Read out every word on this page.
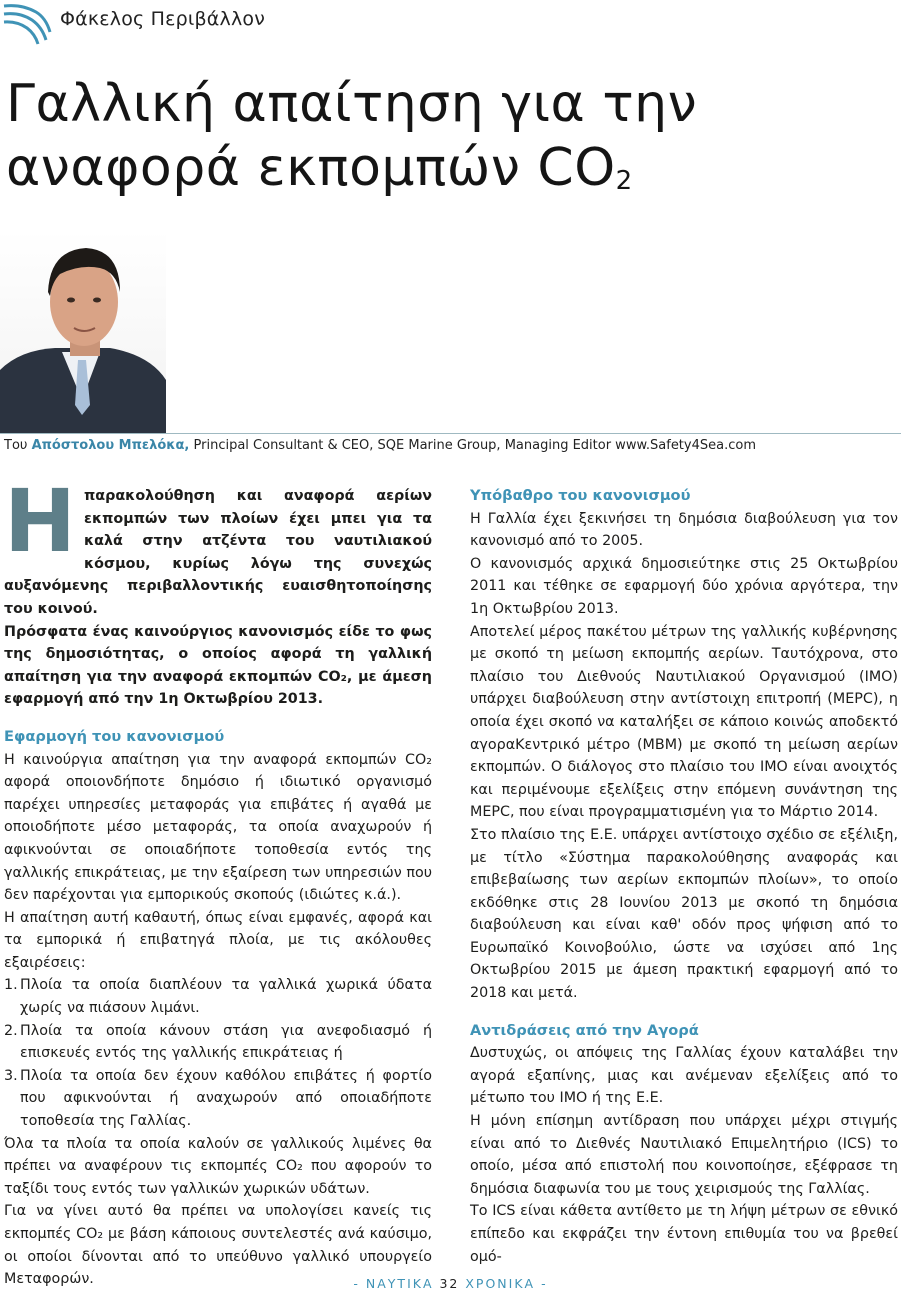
Φάκελος Περιβάλλον
Γαλλική απαίτηση για την αναφορά εκπομπών $CO_2$
Του Απόστολου Μπελόκα, Principal Consultant & CEO, SQE Marine Group, Managing Editor www.Safety4Sea.com

Η παρακολούθηση και αναφορά αερίων εκπομπών των πλοίων έχει μπει για τα καλά στην ατζέντα του ναυτιλιακού κόσμου, κυρίως λόγω της συνεχώς αυξανόμενης περιβαλλοντικής ευαισθητοποίησης του κοινού.

Πρόσφατα ένας καινούργιος κανονισμός είδε το φως της δημοσιότητας, ο οποίος αφορά τη γαλλική απαίτηση για την αναφορά εκπομπών CO₂, με άμεση εφαρμογή από την 1η Οκτωβρίου 2013.

Εφαρμογή του κανονισμού

Η καινούργια απαίτηση για την αναφορά εκπομπών CO₂ αφορά οποιονδήποτε δημόσιο ή ιδιωτικό οργανισμό παρέχει υπηρεσίες μεταφοράς για επιβάτες ή αγαθά με οποιοδήποτε μέσο μεταφοράς, τα οποία αναχωρούν ή αφικνούνται σε οποιαδήποτε τοποθεσία εντός της γαλλικής επικράτειας, με την εξαίρεση των υπηρεσιών που δεν παρέχονται για εμπορικούς σκοπούς (ιδιώτες κ.ά.).

Η απαίτηση αυτή καθαυτή, όπως είναι εμφανές, αφορά και τα εμπορικά ή επιβατηγά πλοία, με τις ακόλουθες εξαιρέσεις:

1. Πλοία τα οποία διαπλέουν τα γαλλικά χωρικά ύδατα χωρίς να πιάσουν λιμάνι.
2. Πλοία τα οποία κάνουν στάση για ανεφοδιασμό ή επισκευές εντός της γαλλικής επικράτειας ή
3. Πλοία τα οποία δεν έχουν καθόλου επιβάτες ή φορτίο που αφικνούνται ή αναχωρούν από οποιαδήποτε τοποθεσία της Γαλλίας.

Όλα τα πλοία τα οποία καλούν σε γαλλικούς λιμένες θα πρέπει να αναφέρουν τις εκπομπές CO₂ που αφορούν το ταξίδι τους εντός των γαλλικών χωρικών υδάτων.

Για να γίνει αυτό θα πρέπει να υπολογίσει κανείς τις εκπομπές CO₂ με βάση κάποιους συντελεστές ανά καύσιμο, οι οποίοι δίνονται από το υπεύθυνο γαλλικό υπουργείο Μεταφορών.

Υπόβαθρο του κανονισμού

Η Γαλλία έχει ξεκινήσει τη δημόσια διαβούλευση για τον κανονισμό από το 2005.

Ο κανονισμός αρχικά δημοσιεύτηκε στις 25 Οκτωβρίου 2011 και τέθηκε σε εφαρμογή δύο χρόνια αργότερα, την 1η Οκτωβρίου 2013.

Αποτελεί μέρος πακέτου μέτρων της γαλλικής κυβέρνησης με σκοπό τη μείωση εκπομπής αερίων. Ταυτόχρονα, στο πλαίσιο του Διεθνούς Ναυτιλιακού Οργανισμού (ΙΜΟ) υπάρχει διαβούλευση στην αντίστοιχη επιτροπή (MEPC), η οποία έχει σκοπό να καταλήξει σε κάποιο κοινώς αποδεκτό αγοραKεντρικό μέτρο (MBM) με σκοπό τη μείωση αερίων εκπομπών. Ο διάλογος στο πλαίσιο του ΙΜΟ είναι ανοιχτός και περιμένουμε εξελίξεις στην επόμενη συνάντηση της MEPC, που είναι προγραμματισμένη για το Μάρτιο 2014.

Στο πλαίσιο της Ε.Ε. υπάρχει αντίστοιχο σχέδιο σε εξέλιξη, με τίτλο «Σύστημα παρακολούθησης αναφοράς και επιβεβαίωσης των αερίων εκπομπών πλοίων», το οποίο εκδόθηκε στις 28 Ιουνίου 2013 με σκοπό τη δημόσια διαβούλευση και είναι καθ' οδόν προς ψήφιση από το Ευρωπαϊκό Κοινοβούλιο, ώστε να ισχύσει από 1ης Οκτωβρίου 2015 με άμεση πρακτική εφαρμογή από το 2018 και μετά.

Αντιδράσεις από την Αγορά

Δυστυχώς, οι απόψεις της Γαλλίας έχουν καταλάβει την αγορά εξαπίνης, μιας και ανέμεναν εξελίξεις από το μέτωπο του ΙΜΟ ή της Ε.Ε.

Η μόνη επίσημη αντίδραση που υπάρχει μέχρι στιγμής είναι από το Διεθνές Ναυτιλιακό Επιμελητήριο (ICS) το οποίο, μέσα από επιστολή που κοινοποίησε, εξέφρασε τη δημόσια διαφωνία του με τους χειρισμούς της Γαλλίας.

Το ICS είναι κάθετα αντίθετο με τη λήψη μέτρων σε εθνικό επίπεδο και εκφράζει την έντονη επιθυμία του να βρεθεί ομό-

- ΝΑΥΤΙΚΑ 32 ΧΡΟΝΙΚΑ -
